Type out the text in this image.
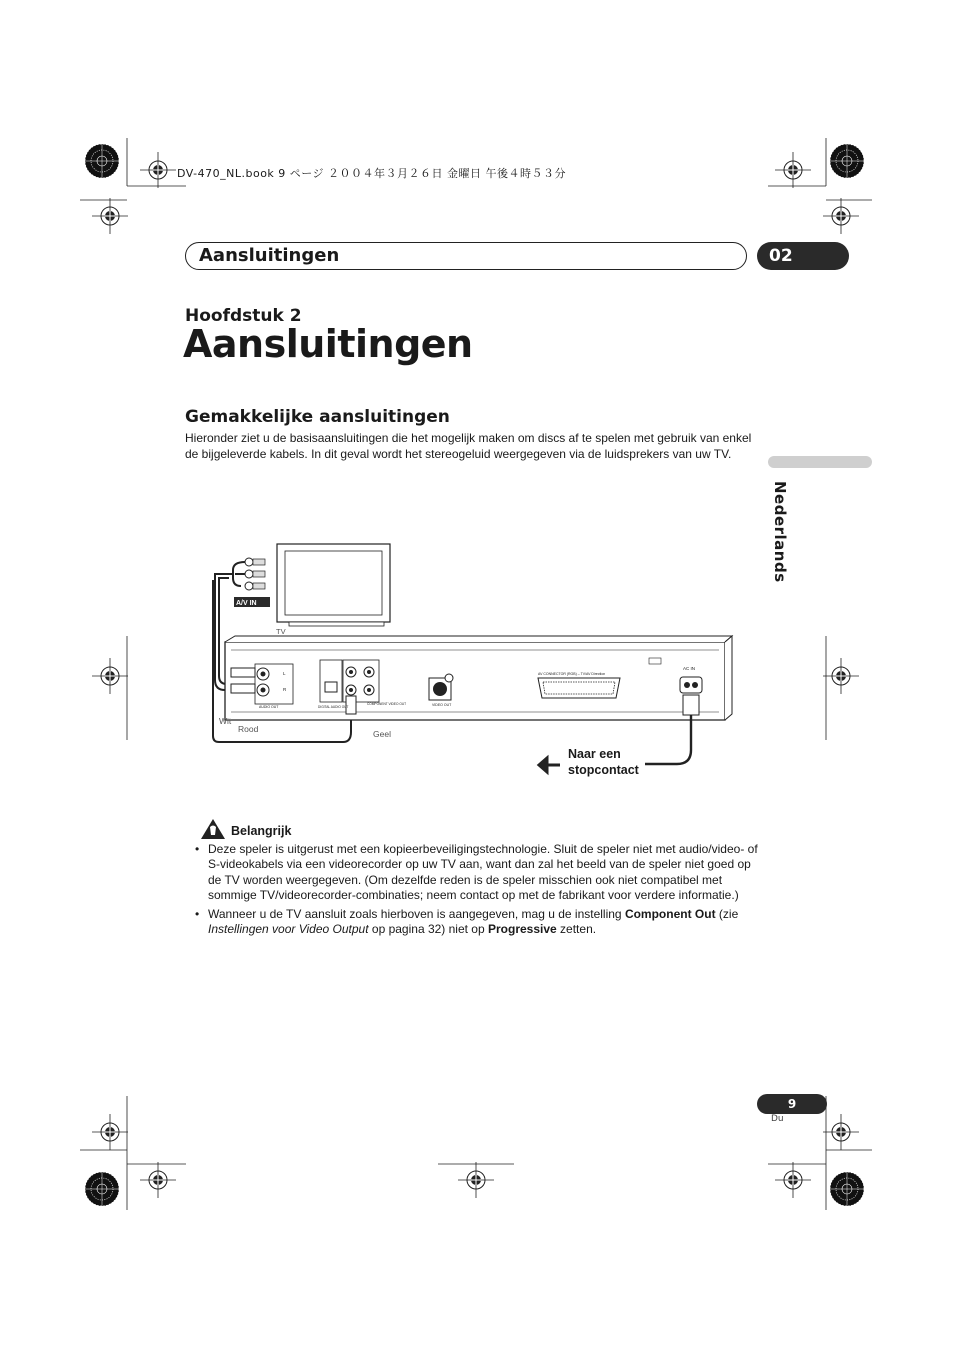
DV-470_NL.book 9 ページ ２００４年３月２６日 金曜日 午後４時５３分
Aansluitingen	02
Hoofdstuk 2
Aansluitingen
Gemakkelijke aansluitingen
Hieronder ziet u de basisaansluitingen die het mogelijk maken om discs af te spelen met gebruik van enkel de bijgeleverde kabels. In dit geval wordt het stereogeluid weergegeven via de luidsprekers van uw TV.
Nederlands
A/V IN
TV
Wit
Rood	Geel
AC IN
AV CONNECTOR (RGB) – TV/AV Direction
AUDIO OUT	DIGITAL AUDIO OUT
COMPONENT VIDEO OUT	VIDEO OUT
L
R
Naar een
stopcontact
Belangrijk
• Deze speler is uitgerust met een kopieerbeveiligingstechnologie. Sluit de speler niet met audio/video- of S-videokabels via een videorecorder op uw TV aan, want dan zal het beeld van de speler niet goed op de TV worden weergegeven. (Om dezelfde reden is de speler misschien ook niet compatibel met sommige TV/videorecorder-combinaties; neem contact op met de fabrikant voor verdere informatie.)
• Wanneer u de TV aansluit zoals hierboven is aangegeven, mag u de instelling Component Out (zie Instellingen voor Video Output op pagina 32) niet op Progressive zetten.
9
Du
